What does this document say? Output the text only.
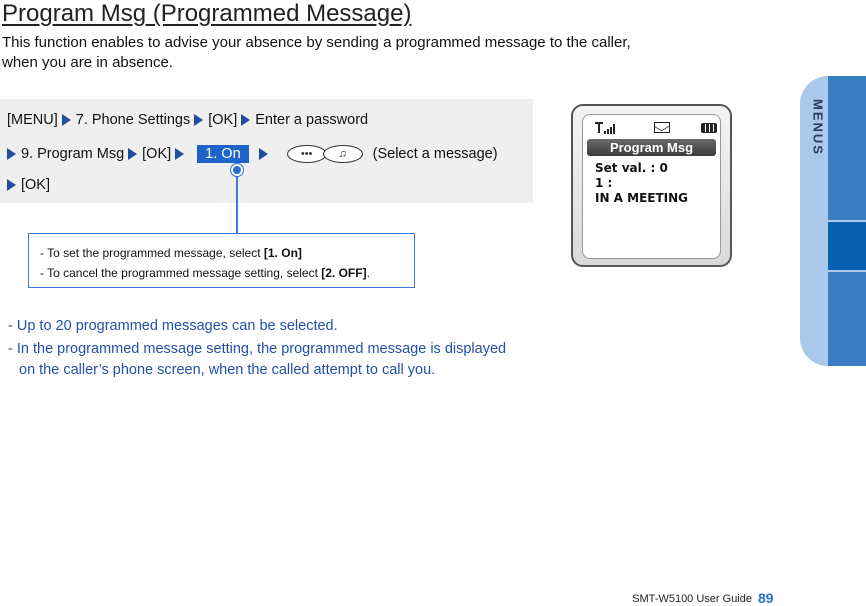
Program Msg (Programmed Message)
This function enables to advise your absence by sending a programmed message to the caller,
when you are in absence.
[MENU] 7. Phone Settings [OK] Enter a password
9. Program Msg [OK]	1. On	•••	♫	(Select a message)
[OK]
- To set the programmed message, select [1. On]
- To cancel the programmed message setting, select [2. OFF].
- Up to 20 programmed messages can be selected.
- In the programmed message setting, the programmed message is displayed on the caller’s phone screen, when the called attempt to call you.
Program Msg
Set val. : 0
1 :
IN A MEETING
MENUS
SMT-W5100 User Guide 89
